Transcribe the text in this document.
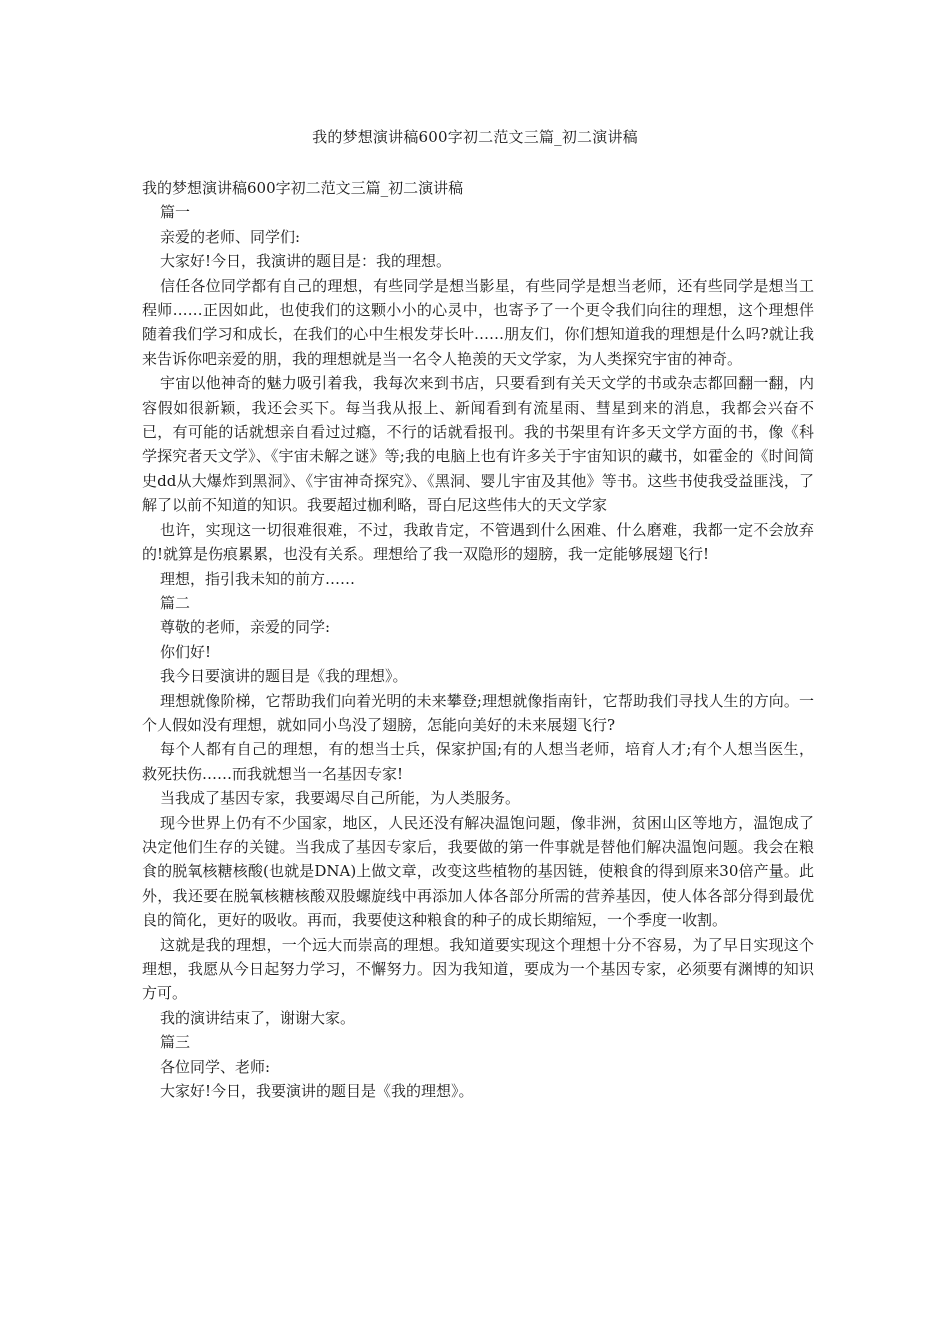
我的梦想演讲稿600字初二范文三篇_初二演讲稿

我的梦想演讲稿600字初二范文三篇_初二演讲稿

篇一

亲爱的老师、同学们:

大家好!今日，我演讲的题目是：我的理想。

信任各位同学都有自己的理想，有些同学是想当影星，有些同学是想当老师，还有些同学是想当工程师……正因如此，也使我们的这颗小小的心灵中，也寄予了一个更令我们向往的理想，这个理想伴随着我们学习和成长，在我们的心中生根发芽长叶……朋友们，你们想知道我的理想是什么吗?就让我来告诉你吧亲爱的朋，我的理想就是当一名令人艳羡的天文学家，为人类探究宇宙的神奇。

宇宙以他神奇的魅力吸引着我，我每次来到书店，只要看到有关天文学的书或杂志都回翻一翻，内容假如很新颖，我还会买下。每当我从报上、新闻看到有流星雨、彗星到来的消息，我都会兴奋不已，有可能的话就想亲自看过过瘾，不行的话就看报刊。我的书架里有许多天文学方面的书，像《科学探究者天文学》、《宇宙未解之谜》等;我的电脑上也有许多关于宇宙知识的藏书，如霍金的《时间简史dd从大爆炸到黑洞》、《宇宙神奇探究》、《黑洞、婴儿宇宙及其他》等书。这些书使我受益匪浅，了解了以前不知道的知识。我要超过枷利略，哥白尼这些伟大的天文学家

也许，实现这一切很难很难，不过，我敢肯定，不管遇到什么困难、什么磨难，我都一定不会放弃的!就算是伤痕累累，也没有关系。理想给了我一双隐形的翅膀，我一定能够展翅飞行!

理想，指引我未知的前方……

篇二

尊敬的老师，亲爱的同学:

你们好!

我今日要演讲的题目是《我的理想》。

理想就像阶梯，它帮助我们向着光明的未来攀登;理想就像指南针，它帮助我们寻找人生的方向。一个人假如没有理想，就如同小鸟没了翅膀，怎能向美好的未来展翅飞行?

每个人都有自己的理想，有的想当士兵，保家护国;有的人想当老师，培育人才;有个人想当医生，救死扶伤……而我就想当一名基因专家!

当我成了基因专家，我要竭尽自己所能，为人类服务。

现今世界上仍有不少国家，地区，人民还没有解决温饱问题，像非洲，贫困山区等地方，温饱成了决定他们生存的关键。当我成了基因专家后，我要做的第一件事就是替他们解决温饱问题。我会在粮食的脱氧核糖核酸(也就是DNA)上做文章，改变这些植物的基因链，使粮食的得到原来30倍产量。此外，我还要在脱氧核糖核酸双股螺旋线中再添加人体各部分所需的营养基因，使人体各部分得到最优良的简化，更好的吸收。再而，我要使这种粮食的种子的成长期缩短，一个季度一收割。

这就是我的理想，一个远大而崇高的理想。我知道要实现这个理想十分不容易，为了早日实现这个理想，我愿从今日起努力学习，不懈努力。因为我知道，要成为一个基因专家，必须要有渊博的知识方可。

我的演讲结束了，谢谢大家。

篇三

各位同学、老师:

大家好!今日，我要演讲的题目是《我的理想》。
